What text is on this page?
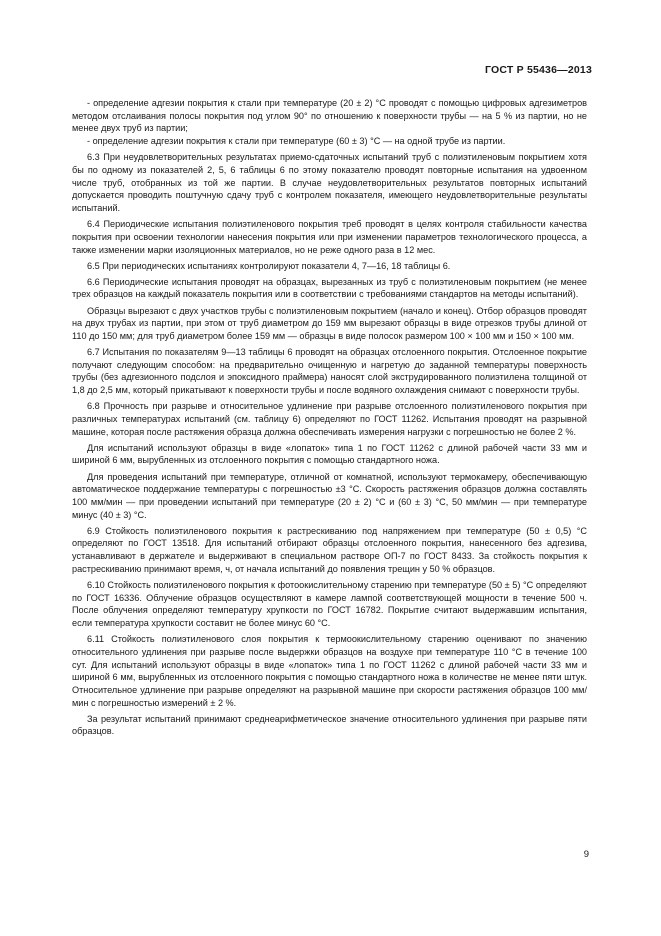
ГОСТ Р 55436—2013

- определение адгезии покрытия к стали при температуре (20 ± 2) °С проводят с помощью цифровых адгезиметров методом отслаивания полосы покрытия под углом 90° по отношению к поверхности трубы — на 5 % из партии, но не менее двух труб из партии;

- определение адгезии покрытия к стали при температуре (60 ± 3) °С — на одной трубе из партии.

6.3 При неудовлетворительных результатах приемо-сдаточных испытаний труб с полиэтиленовым покрытием хотя бы по одному из показателей 2, 5, 6 таблицы 6 по этому показателю проводят повторные испытания на удвоенном числе труб, отобранных из той же партии. В случае неудовлетворительных результатов повторных испытаний допускается проводить поштучную сдачу труб с контролем показателя, имеющего неудовлетворительные результаты испытаний.

6.4 Периодические испытания полиэтиленового покрытия треб проводят в целях контроля стабильности качества покрытия при освоении технологии нанесения покрытия или при изменении параметров технологического процесса, а также изменении марки изоляционных материалов, но не реже одного раза в 12 мес.

6.5 При периодических испытаниях контролируют показатели 4, 7—16, 18 таблицы 6.

6.6 Периодические испытания проводят на образцах, вырезанных из труб с полиэтиленовым покрытием (не менее трех образцов на каждый показатель покрытия или в соответствии с требованиями стандартов на методы испытаний).

Образцы вырезают с двух участков трубы с полиэтиленовым покрытием (начало и конец). Отбор образцов проводят на двух трубах из партии, при этом от труб диаметром до 159 мм вырезают образцы в виде отрезков трубы длиной от 110 до 150 мм; для труб диаметром более 159 мм — образцы в виде полосок размером 100 × 100 мм и 150 × 100 мм.

6.7 Испытания по показателям 9—13 таблицы 6 проводят на образцах отслоенного покрытия. Отслоенное покрытие получают следующим способом: на предварительно очищенную и нагретую до заданной температуры поверхность трубы (без адгезионного подслоя и эпоксидного праймера) наносят слой экструдированного полиэтилена толщиной от 1,8 до 2,5 мм, который прикатывают к поверхности трубы и после водяного охлаждения снимают с поверхности трубы.

6.8 Прочность при разрыве и относительное удлинение при разрыве отслоенного полиэтиленового покрытия при различных температурах испытаний (см. таблицу 6) определяют по ГОСТ 11262. Испытания проводят на разрывной машине, которая после растяжения образца должна обеспечивать измерения нагрузки с погрешностью не более 2 %.

Для испытаний используют образцы в виде «лопаток» типа 1 по ГОСТ 11262 с длиной рабочей части 33 мм и шириной 6 мм, вырубленных из отслоенного покрытия с помощью стандартного ножа.

Для проведения испытаний при температуре, отличной от комнатной, используют термокамеру, обеспечивающую автоматическое поддержание температуры с погрешностью ±3 °С. Скорость растяжения образцов должна составлять 100 мм/мин — при проведении испытаний при температуре (20 ± 2) °С и (60 ± 3) °С, 50 мм/мин — при температуре минус (40 ± 3) °С.

6.9 Стойкость полиэтиленового покрытия к растрескиванию под напряжением при температуре (50 ± 0,5) °С определяют по ГОСТ 13518. Для испытаний отбирают образцы отслоенного покрытия, нанесенного без адгезива, устанавливают в держателе и выдерживают в специальном растворе ОП-7 по ГОСТ 8433. За стойкость покрытия к растрескиванию принимают время, ч, от начала испытаний до появления трещин у 50 % образцов.

6.10 Стойкость полиэтиленового покрытия к фотоокислительному старению при температуре (50 ± 5) °С определяют по ГОСТ 16336. Облучение образцов осуществляют в камере лампой соответствующей мощности в течение 500 ч. После облучения определяют температуру хрупкости по ГОСТ 16782. Покрытие считают выдержавшим испытания, если температура хрупкости составит не более минус 60 °С.

6.11 Стойкость полиэтиленового слоя покрытия к термоокислительному старению оценивают по значению относительного удлинения при разрыве после выдержки образцов на воздухе при температуре 110 °С в течение 100 сут. Для испытаний используют образцы в виде «лопаток» типа 1 по ГОСТ 11262 с длиной рабочей части 33 мм и шириной 6 мм, вырубленных из отслоенного покрытия с помощью стандартного ножа в количестве не менее пяти штук. Относительное удлинение при разрыве определяют на разрывной машине при скорости растяжения образцов 100 мм/мин с погрешностью измерений ± 2 %.

За результат испытаний принимают среднеарифметическое значение относительного удлинения при разрыве пяти образцов.

9
